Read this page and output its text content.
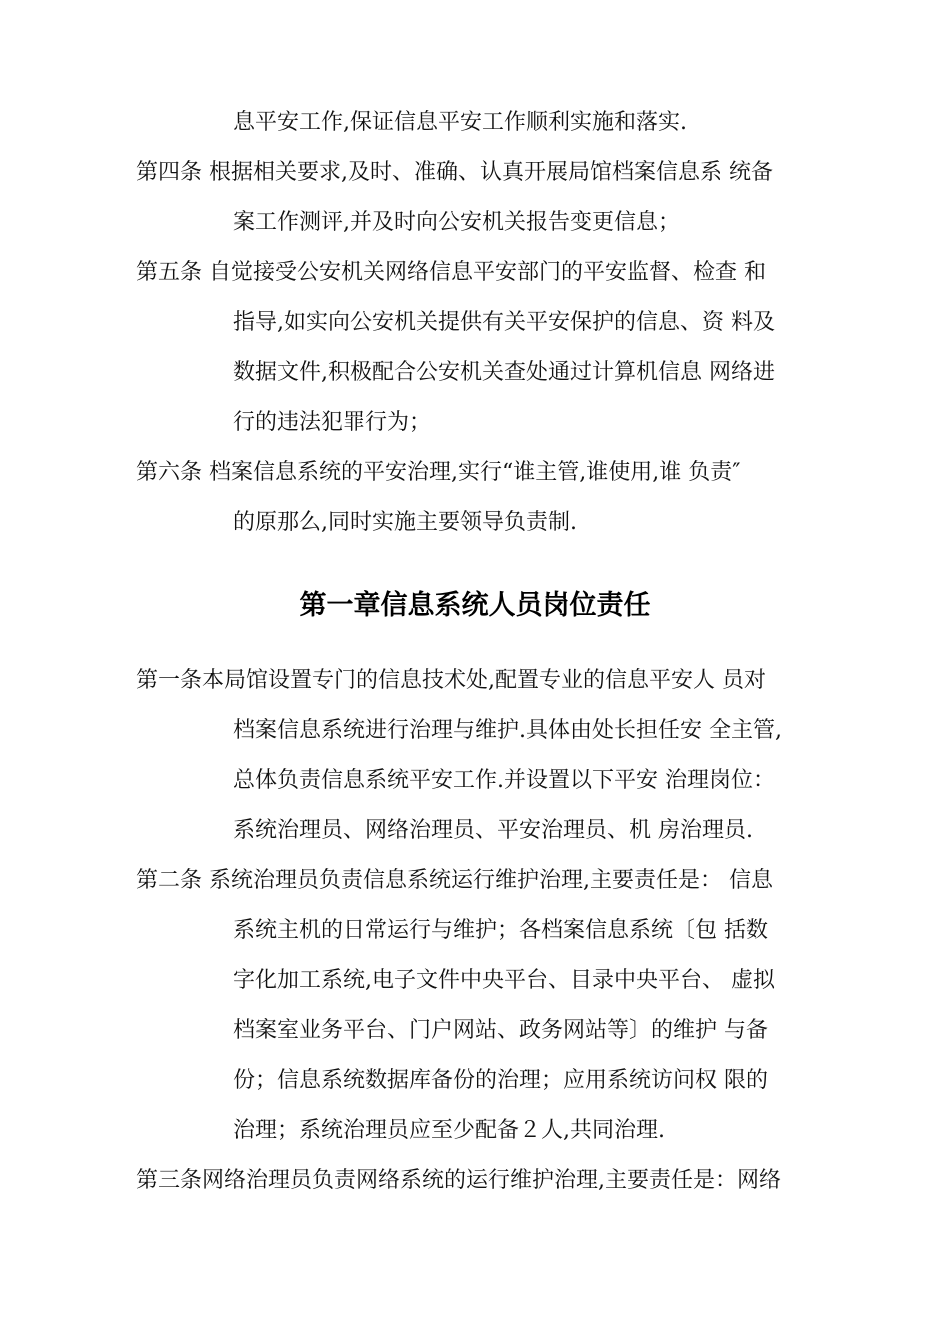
息平安工作,保证信息平安工作顺利实施和落实.
第四条 根据相关要求,及时、准确、认真开展局馆档案信息系 统备
案工作测评,并及时向公安机关报告变更信息；
第五条 自觉接受公安机关网络信息平安部门的平安监督、检查 和
指导,如实向公安机关提供有关平安保护的信息、资 料及
数据文件,积极配合公安机关查处通过计算机信息 网络进
行的违法犯罪行为；
第六条 档案信息系统的平安治理,实行“谁主管,谁使用,谁 负责″
的原那么,同时实施主要领导负责制.
第一章信息系统人员岗位责任
第一条本局馆设置专门的信息技术处,配置专业的信息平安人 员对
档案信息系统进行治理与维护.具体由处长担任安 全主管,
总体负责信息系统平安工作.并设置以下平安 治理岗位：
系统治理员、网络治理员、平安治理员、机 房治理员.
第二条 系统治理员负责信息系统运行维护治理,主要责任是： 信息
系统主机的日常运行与维护；各档案信息系统〔包 括数
字化加工系统,电子文件中央平台、目录中央平台、 虚拟
档案室业务平台、门户网站、政务网站等〕的维护 与备
份；信息系统数据库备份的治理；应用系统访问权 限的
治理；系统治理员应至少配备２人,共同治理.
第三条网络治理员负责网络系统的运行维护治理,主要责任是：网络
